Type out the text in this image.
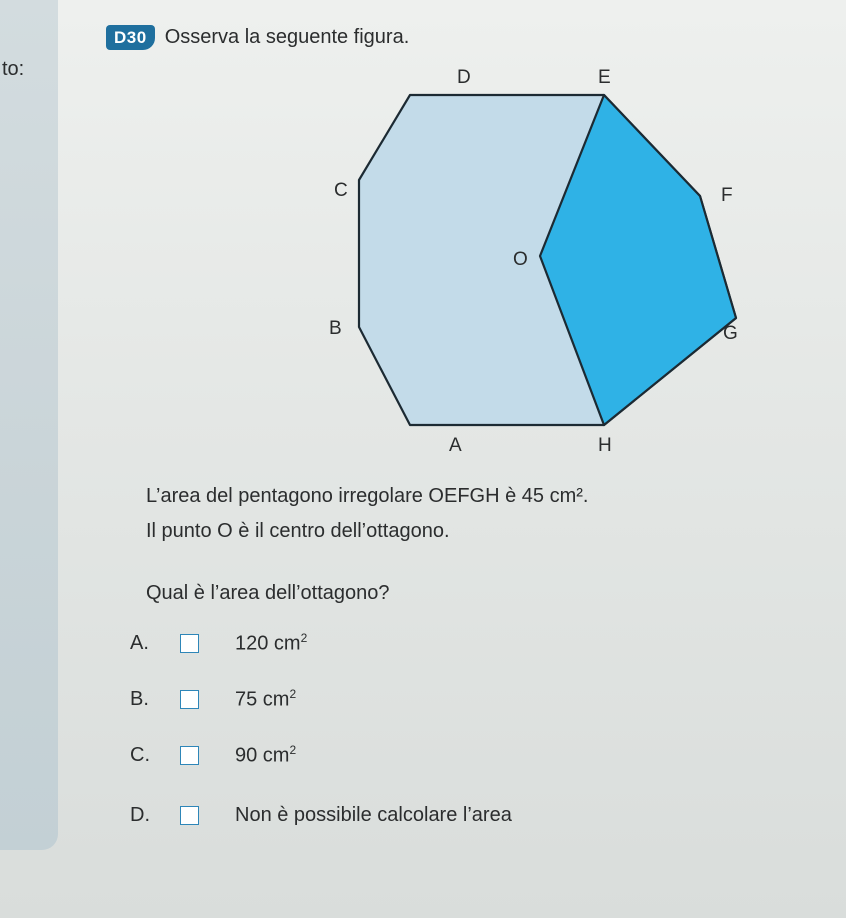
to:
D30 Osserva la seguente figura.
D	E
C	F
O
B	G
A	H
L’area del pentagono irregolare OEFGH è 45 cm².
Il punto O è il centro dell’ottagono.
Qual è l’area dell’ottagono?
A.	120 $cm^2$
B.	75 $cm^2$
C.	90 $cm^2$
D.	Non è possibile calcolare l’area
